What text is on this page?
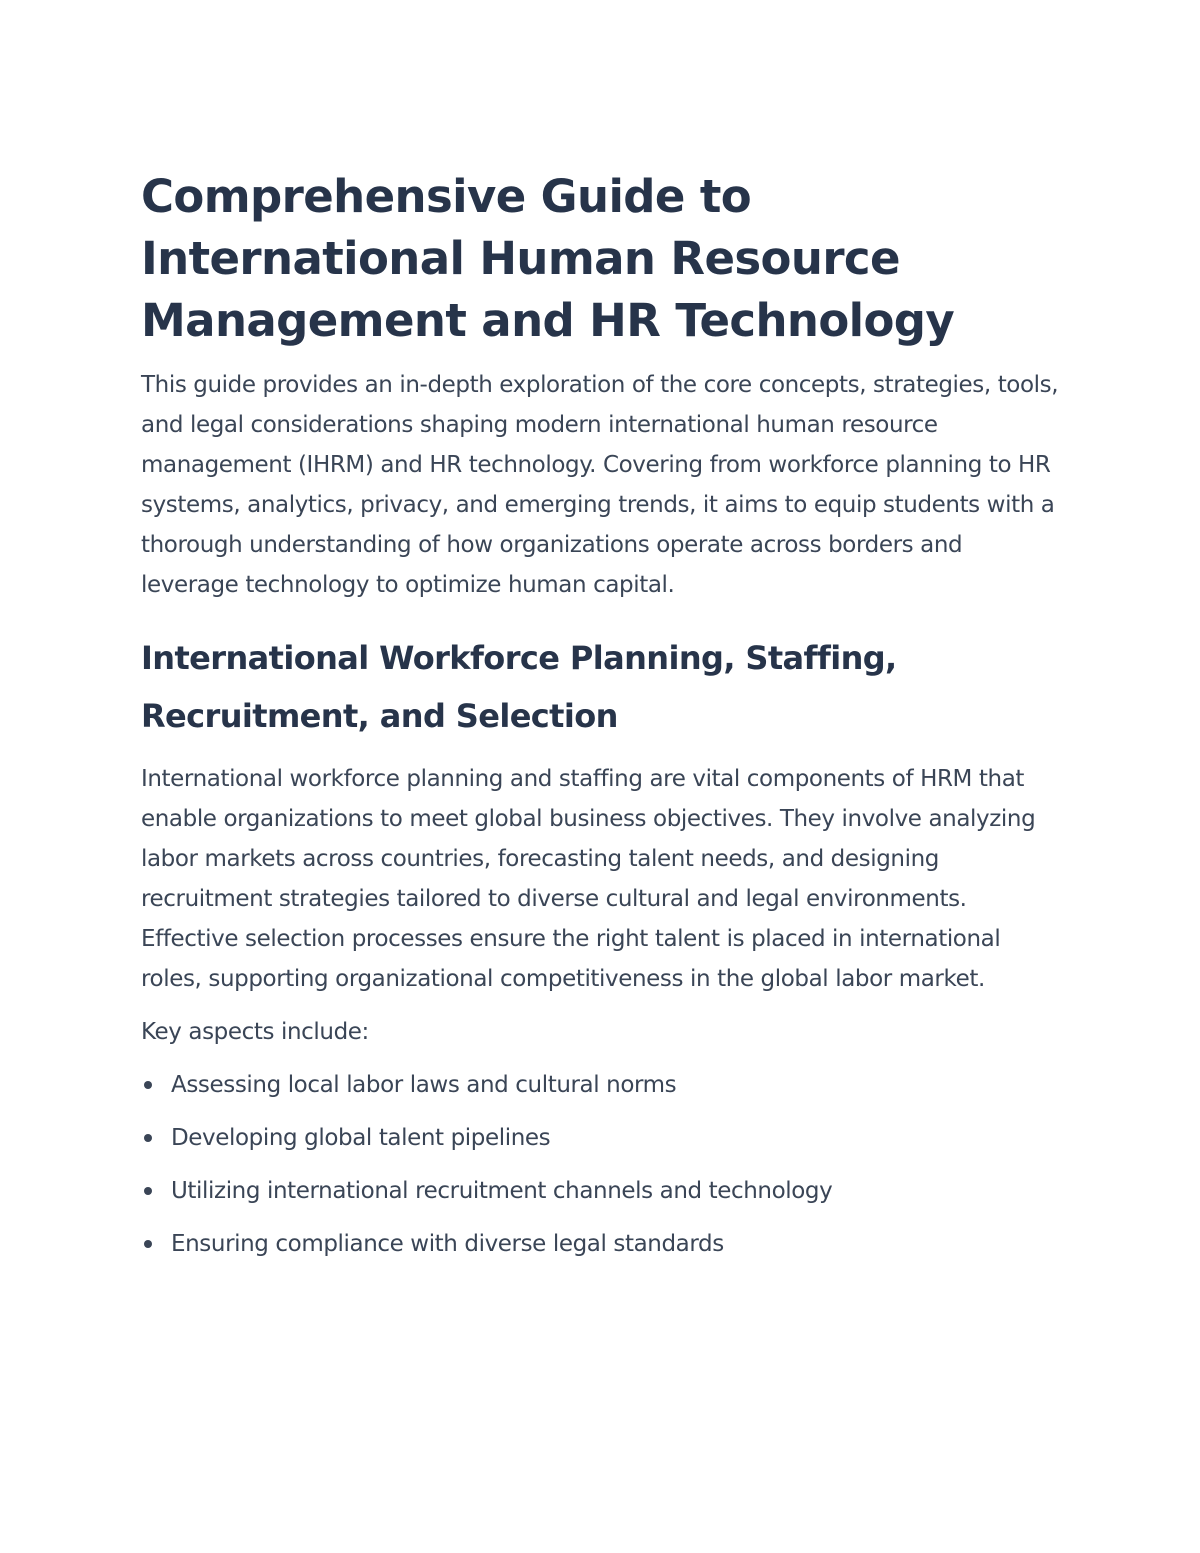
Comprehensive Guide to International Human Resource Management and HR Technology

This guide provides an in-depth exploration of the core concepts, strategies, tools, and legal considerations shaping modern international human resource management (IHRM) and HR technology. Covering from workforce planning to HR systems, analytics, privacy, and emerging trends, it aims to equip students with a thorough understanding of how organizations operate across borders and leverage technology to optimize human capital.

International Workforce Planning, Staffing, Recruitment, and Selection

International workforce planning and staffing are vital components of HRM that enable organizations to meet global business objectives. They involve analyzing labor markets across countries, forecasting talent needs, and designing recruitment strategies tailored to diverse cultural and legal environments. Effective selection processes ensure the right talent is placed in international roles, supporting organizational competitiveness in the global labor market.

Key aspects include:

Assessing local labor laws and cultural norms
Developing global talent pipelines
Utilizing international recruitment channels and technology
Ensuring compliance with diverse legal standards
